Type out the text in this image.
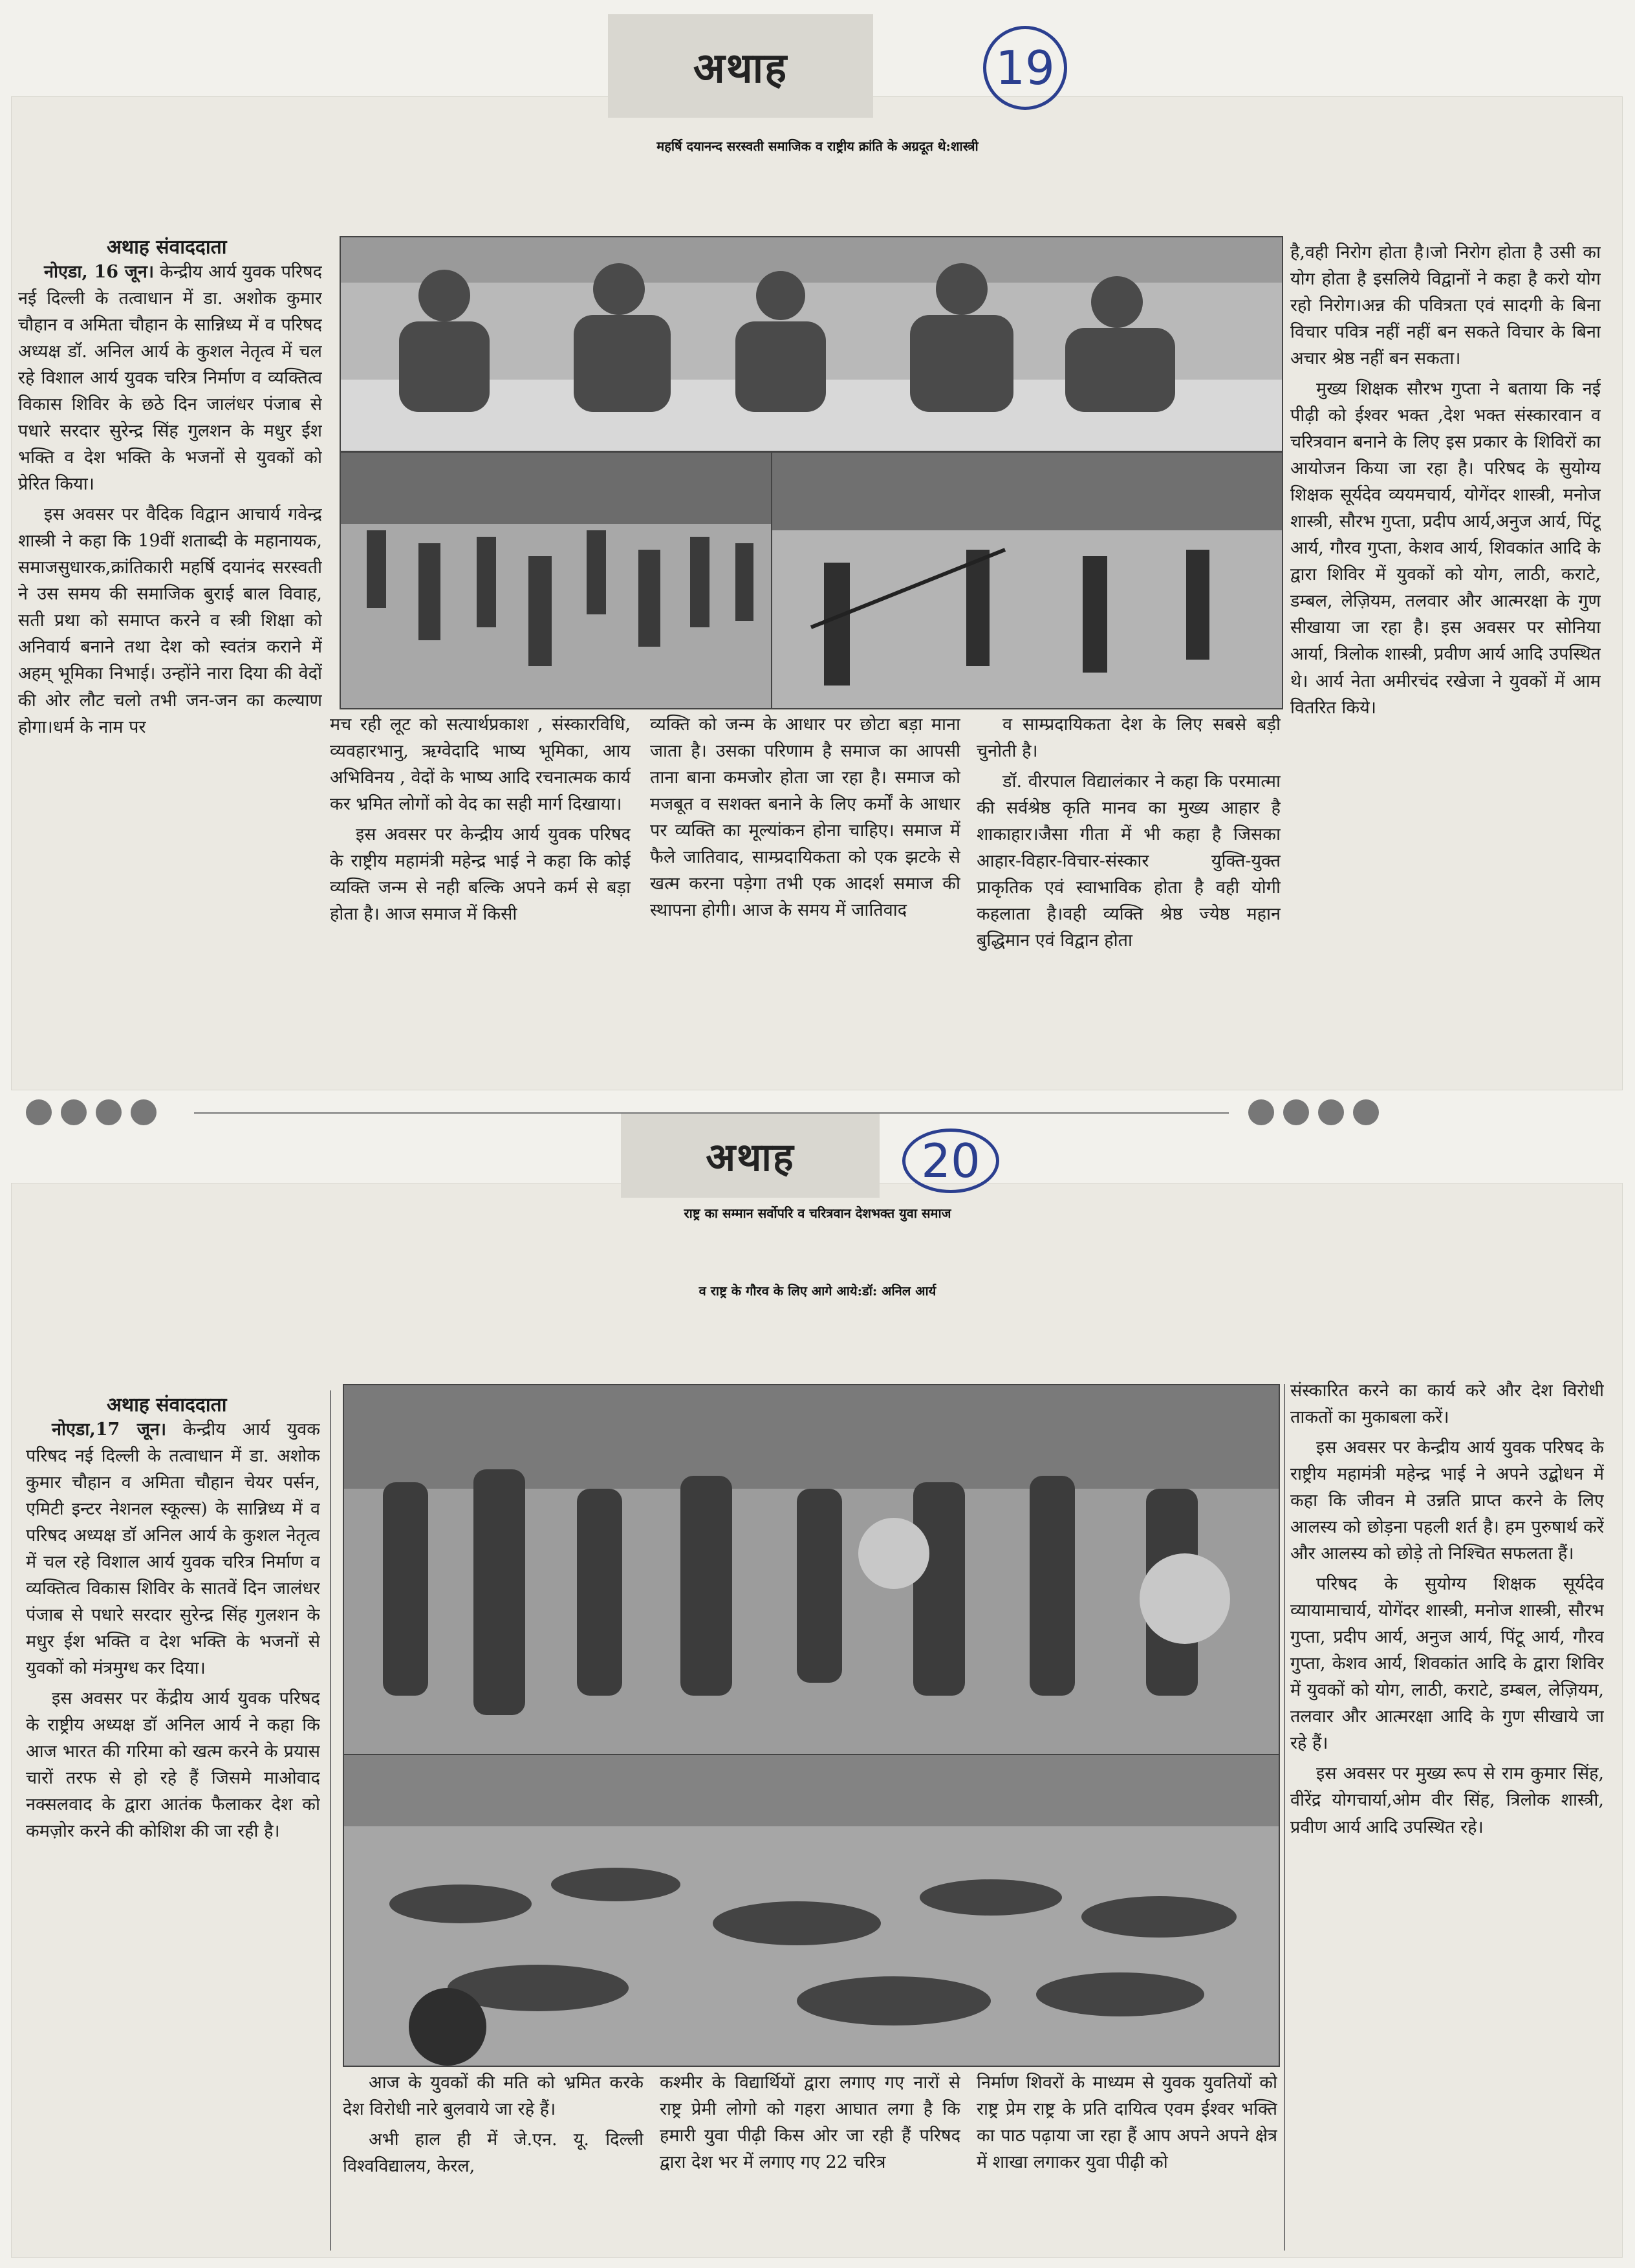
अथाह	19
महर्षि दयानन्द सरस्वती समाजिक व राष्ट्रीय क्रांति के अग्रदूत थे:शास्त्री
अथाह संवाददाता

नोएडा, 16 जून। केन्द्रीय आर्य युवक परिषद नई दिल्ली के तत्वाधान में डा. अशोक कुमार चौहान व अमिता चौहान के सान्निध्य में व परिषद अध्यक्ष डॉ. अनिल आर्य के कुशल नेतृत्व में चल रहे विशाल आर्य युवक चरित्र निर्माण व व्यक्तित्व विकास शिविर के छठे दिन जालंधर पंजाब से पधारे सरदार सुरेन्द्र सिंह गुलशन के मधुर ईश भक्ति व देश भक्ति के भजनों से युवकों को प्रेरित किया।

इस अवसर पर वैदिक विद्वान आचार्य गवेन्द्र शास्त्री ने कहा कि 19वीं शताब्दी के महानायक, समाजसुधारक,क्रांतिकारी महर्षि दयानंद सरस्वती ने उस समय की समाजिक बुराई बाल विवाह, सती प्रथा को समाप्त करने व स्त्री शिक्षा को अनिवार्य बनाने तथा देश को स्वतंत्र कराने में अहम् भूमिका निभाई। उन्होंने नारा दिया की वेदों की ओर लौट चलो तभी जन-जन का कल्याण होगा।धर्म के नाम पर	मच रही लूट को सत्यार्थप्रकाश , संस्कारविधि, व्यवहारभानु, ऋग्वेदादि भाष्य भूमिका, आय अभिविनय , वेदों के भाष्य आदि रचनात्मक कार्य कर भ्रमित लोगों को वेद का सही मार्ग दिखाया।

इस अवसर पर केन्द्रीय आर्य युवक परिषद के राष्ट्रीय महामंत्री महेन्द्र भाई ने कहा कि कोई व्यक्ति जन्म से नही बल्कि अपने कर्म से बड़ा होता है। आज समाज में किसी

व्यक्ति को जन्म के आधार पर छोटा बड़ा माना जाता है। उसका परिणाम है समाज का आपसी ताना बाना कमजोर होता जा रहा है। समाज को मजबूत व सशक्त बनाने के लिए कर्मों के आधार पर व्यक्ति का मूल्यांकन होना चाहिए। समाज में फैले जातिवाद, साम्प्रदायिकता को एक झटके से खत्म करना पड़ेगा तभी एक आदर्श समाज की स्थापना होगी। आज के समय में जातिवाद

व साम्प्रदायिकता देश के लिए सबसे बड़ी चुनोती है।

डॉ. वीरपाल विद्यालंकार ने कहा कि परमात्मा की सर्वश्रेष्ठ कृति मानव का मुख्य आहार है शाकाहार।जैसा गीता में भी कहा है जिसका आहार-विहार-विचार-संस्कार युक्ति-युक्त प्राकृतिक एवं स्वाभाविक होता है वही योगी कहलाता है।वही व्यक्ति श्रेष्ठ ज्येष्ठ महान बुद्धिमान एवं विद्वान होता

है,वही निरोग होता है।जो निरोग होता है उसी का योग होता है इसलिये विद्वानों ने कहा है करो योग रहो निरोग।अन्न की पवित्रता एवं सादगी के बिना विचार पवित्र नहीं नहीं बन सकते विचार के बिना अचार श्रेष्ठ नहीं बन सकता।

मुख्य शिक्षक सौरभ गुप्ता ने बताया कि नई पीढ़ी को ईश्वर भक्त ,देश भक्त संस्कारवान व चरित्रवान बनाने के लिए इस प्रकार के शिविरों का आयोजन किया जा रहा है। परिषद के सुयोग्य शिक्षक सूर्यदेव व्ययमचार्य, योगेंदर शास्त्री, मनोज शास्त्री, सौरभ गुप्ता, प्रदीप आर्य,अनुज आर्य, पिंटू आर्य, गौरव गुप्ता, केशव आर्य, शिवकांत आदि के द्वारा शिविर में युवकों को योग, लाठी, कराटे, डम्बल, लेज़ियम, तलवार और आत्मरक्षा के गुण सीखाया जा रहा है। इस अवसर पर सोनिया आर्या, त्रिलोक शास्त्री, प्रवीण आर्य आदि उपस्थित थे। आर्य नेता अमीरचंद रखेजा ने युवकों में आम वितरित किये।

अथाह	20
राष्ट्र का सम्मान सर्वोपरि व चरित्रवान देशभक्त युवा समाज
व राष्ट्र के गौरव के लिए आगे आये:डॉ: अनिल आर्य
अथाह संवाददाता

नोएडा,17 जून। केन्द्रीय आर्य युवक परिषद नई दिल्ली के तत्वाधान में डा. अशोक कुमार चौहान व अमिता चौहान चेयर पर्सन, एमिटी इन्टर नेशनल स्कूल्स) के सान्निध्य में व परिषद अध्यक्ष डॉ अनिल आर्य के कुशल नेतृत्व में चल रहे विशाल आर्य युवक चरित्र निर्माण व व्यक्तित्व विकास शिविर के सातवें दिन जालंधर पंजाब से पधारे सरदार सुरेन्द्र सिंह गुलशन के मधुर ईश भक्ति व देश भक्ति के भजनों से युवकों को मंत्रमुग्ध कर दिया।

इस अवसर पर केंद्रीय आर्य युवक परिषद के राष्ट्रीय अध्यक्ष डॉ अनिल आर्य ने कहा कि आज भारत की गरिमा को खत्म करने के प्रयास चारों तरफ से हो रहे हैं जिसमे माओवाद नक्सलवाद के द्वारा आतंक फैलाकर देश को कमज़ोर करने की कोशिश की जा रही है।

आज के युवकों की मति को भ्रमित करके देश विरोधी नारे बुलवाये जा रहे हैं।

अभी हाल ही में जे.एन. यू. दिल्ली विश्वविद्यालय, केरल,

कश्मीर के विद्यार्थियों द्वारा लगाए गए नारों से राष्ट्र प्रेमी लोगो को गहरा आघात लगा है कि हमारी युवा पीढ़ी किस ओर जा रही हैं परिषद द्वारा देश भर में लगाए गए 22 चरित्र

निर्माण शिवरों के माध्यम से युवक युवतियों को राष्ट्र प्रेम राष्ट्र के प्रति दायित्व एवम ईश्वर भक्ति का पाठ पढ़ाया जा रहा हैं आप अपने अपने क्षेत्र में शाखा लगाकर युवा पीढ़ी को

संस्कारित करने का कार्य करे और देश विरोधी ताकतों का मुकाबला करें।

इस अवसर पर केन्द्रीय आर्य युवक परिषद के राष्ट्रीय महामंत्री महेन्द्र भाई ने अपने उद्बोधन में कहा कि जीवन मे उन्नति प्राप्त करने के लिए आलस्य को छोड़ना पहली शर्त है। हम पुरुषार्थ करें और आलस्य को छोड़े तो निश्चित सफलता हैं।

परिषद के सुयोग्य शिक्षक सूर्यदेव व्यायामाचार्य, योगेंदर शास्त्री, मनोज शास्त्री, सौरभ गुप्ता, प्रदीप आर्य, अनुज आर्य, पिंटू आर्य, गौरव गुप्ता, केशव आर्य, शिवकांत आदि के द्वारा शिविर में युवकों को योग, लाठी, कराटे, डम्बल, लेज़ियम, तलवार और आत्मरक्षा आदि के गुण सीखाये जा रहे हैं।

इस अवसर पर मुख्य रूप से राम कुमार सिंह, वीरेंद्र योगचार्या,ओम वीर सिंह, त्रिलोक शास्त्री, प्रवीण आर्य आदि उपस्थित रहे।
